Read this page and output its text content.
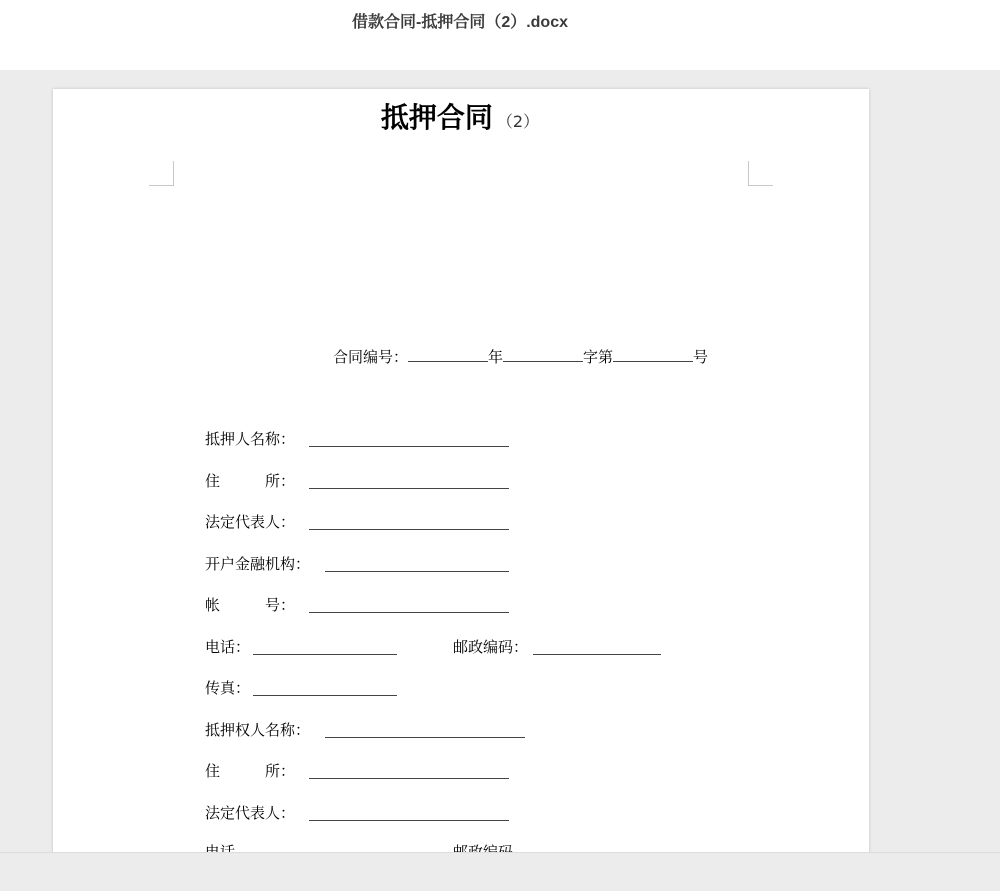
借款合同-抵押合同（2）.docx
抵押合同 （2）
合同编号：	年	字第	号
抵押人名称：
住　　　所：
法定代表人：
开户金融机构：
帐　　　号：
电话：	邮政编码：
传真：
抵押权人名称：
住　　　所：
法定代表人：
